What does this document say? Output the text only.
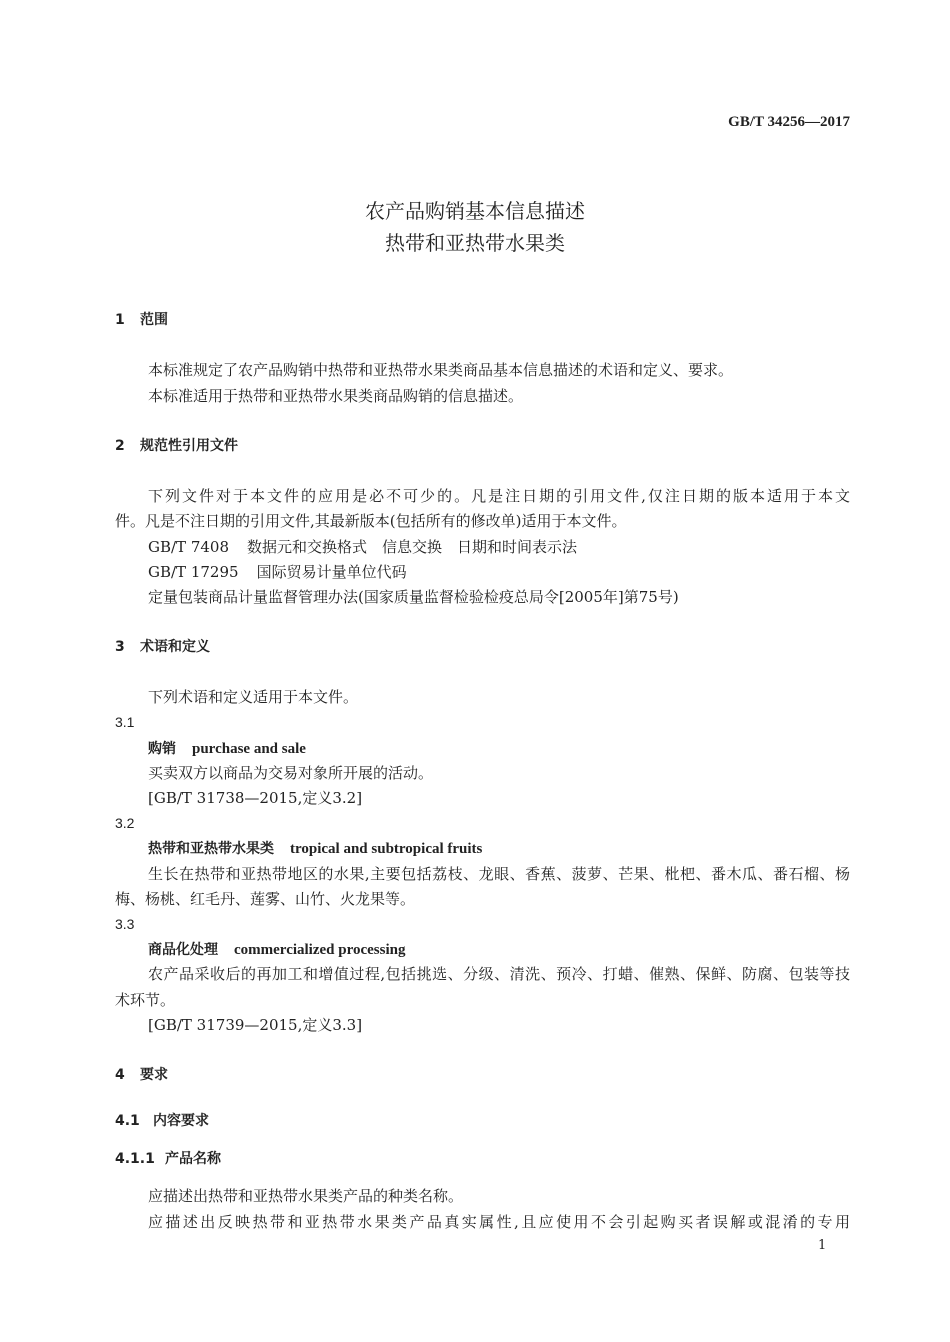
GB/T 34256—2017
农产品购销基本信息描述
热带和亚热带水果类
1 范围
本标准规定了农产品购销中热带和亚热带水果类商品基本信息描述的术语和定义、要求。
本标准适用于热带和亚热带水果类商品购销的信息描述。
2 规范性引用文件
下列文件对于本文件的应用是必不可少的。凡是注日期的引用文件,仅注日期的版本适用于本文
件。凡是不注日期的引用文件,其最新版本(包括所有的修改单)适用于本文件。
GB/T 7408 数据元和交换格式　信息交换　日期和时间表示法
GB/T 17295 国际贸易计量单位代码
定量包装商品计量监督管理办法(国家质量监督检验检疫总局令[2005年]第75号)
3 术语和定义
下列术语和定义适用于本文件。
3.1
购销 purchase and sale
买卖双方以商品为交易对象所开展的活动。
[GB/T 31738—2015,定义3.2]
3.2
热带和亚热带水果类 tropical and subtropical fruits
生长在热带和亚热带地区的水果,主要包括荔枝、龙眼、香蕉、菠萝、芒果、枇杷、番木瓜、番石榴、杨
梅、杨桃、红毛丹、莲雾、山竹、火龙果等。
3.3
商品化处理 commercialized processing
农产品采收后的再加工和增值过程,包括挑选、分级、清洗、预冷、打蜡、催熟、保鲜、防腐、包装等技
术环节。
[GB/T 31739—2015,定义3.3]
4 要求
4.1 内容要求
4.1.1 产品名称
应描述出热带和亚热带水果类产品的种类名称。
应描述出反映热带和亚热带水果类产品真实属性,且应使用不会引起购买者误解或混淆的专用
1
